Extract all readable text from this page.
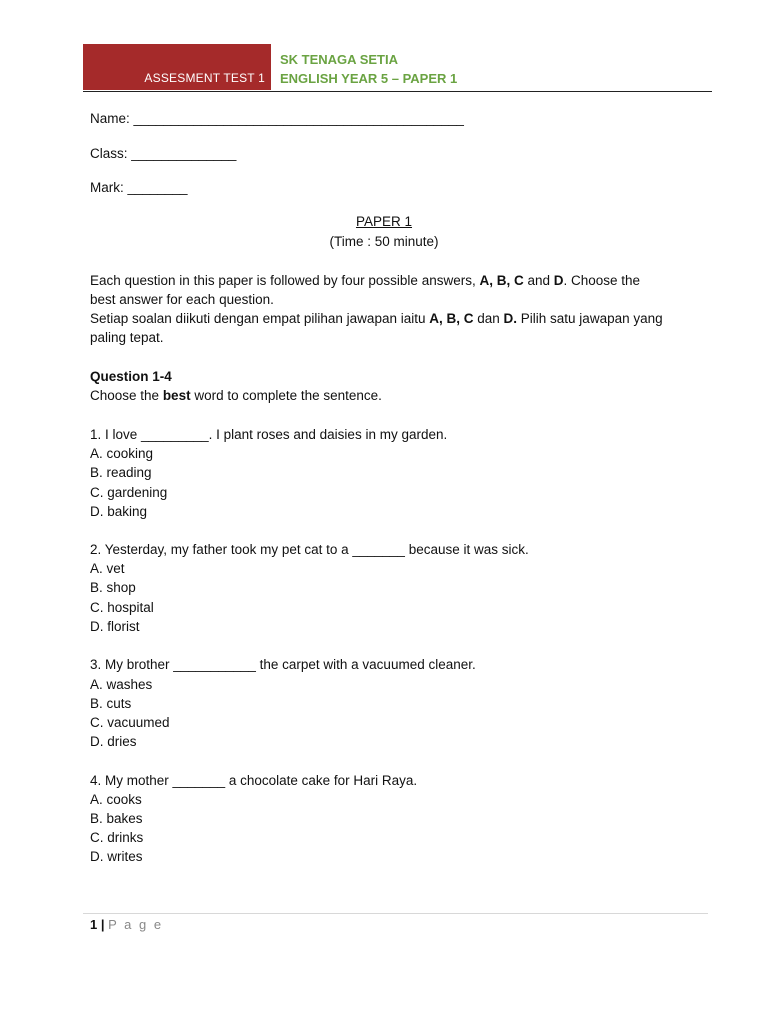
ASSESMENT TEST 1
SK TENAGA SETIA
ENGLISH YEAR 5 – PAPER 1
Name: ____________________________________________
Class: ______________
Mark: ________
PAPER 1
(Time : 50 minute)
Each question in this paper is followed by four possible answers, A, B, C and D. Choose the
best answer for each question.
Setiap soalan diikuti dengan empat pilihan jawapan iaitu A, B, C dan D. Pilih satu jawapan yang
paling tepat.
Question 1-4
Choose the best word to complete the sentence.
1. I love _________. I plant roses and daisies in my garden.
A. cooking
B. reading
C. gardening
D. baking
2. Yesterday, my father took my pet cat to a _______ because it was sick.
A. vet
B. shop
C. hospital
D. florist
3. My brother ___________ the carpet with a vacuumed cleaner.
A. washes
B. cuts
C. vacuumed
D. dries
4. My mother _______ a chocolate cake for Hari Raya.
A. cooks
B. bakes
C. drinks
D. writes
1 | P a g e
